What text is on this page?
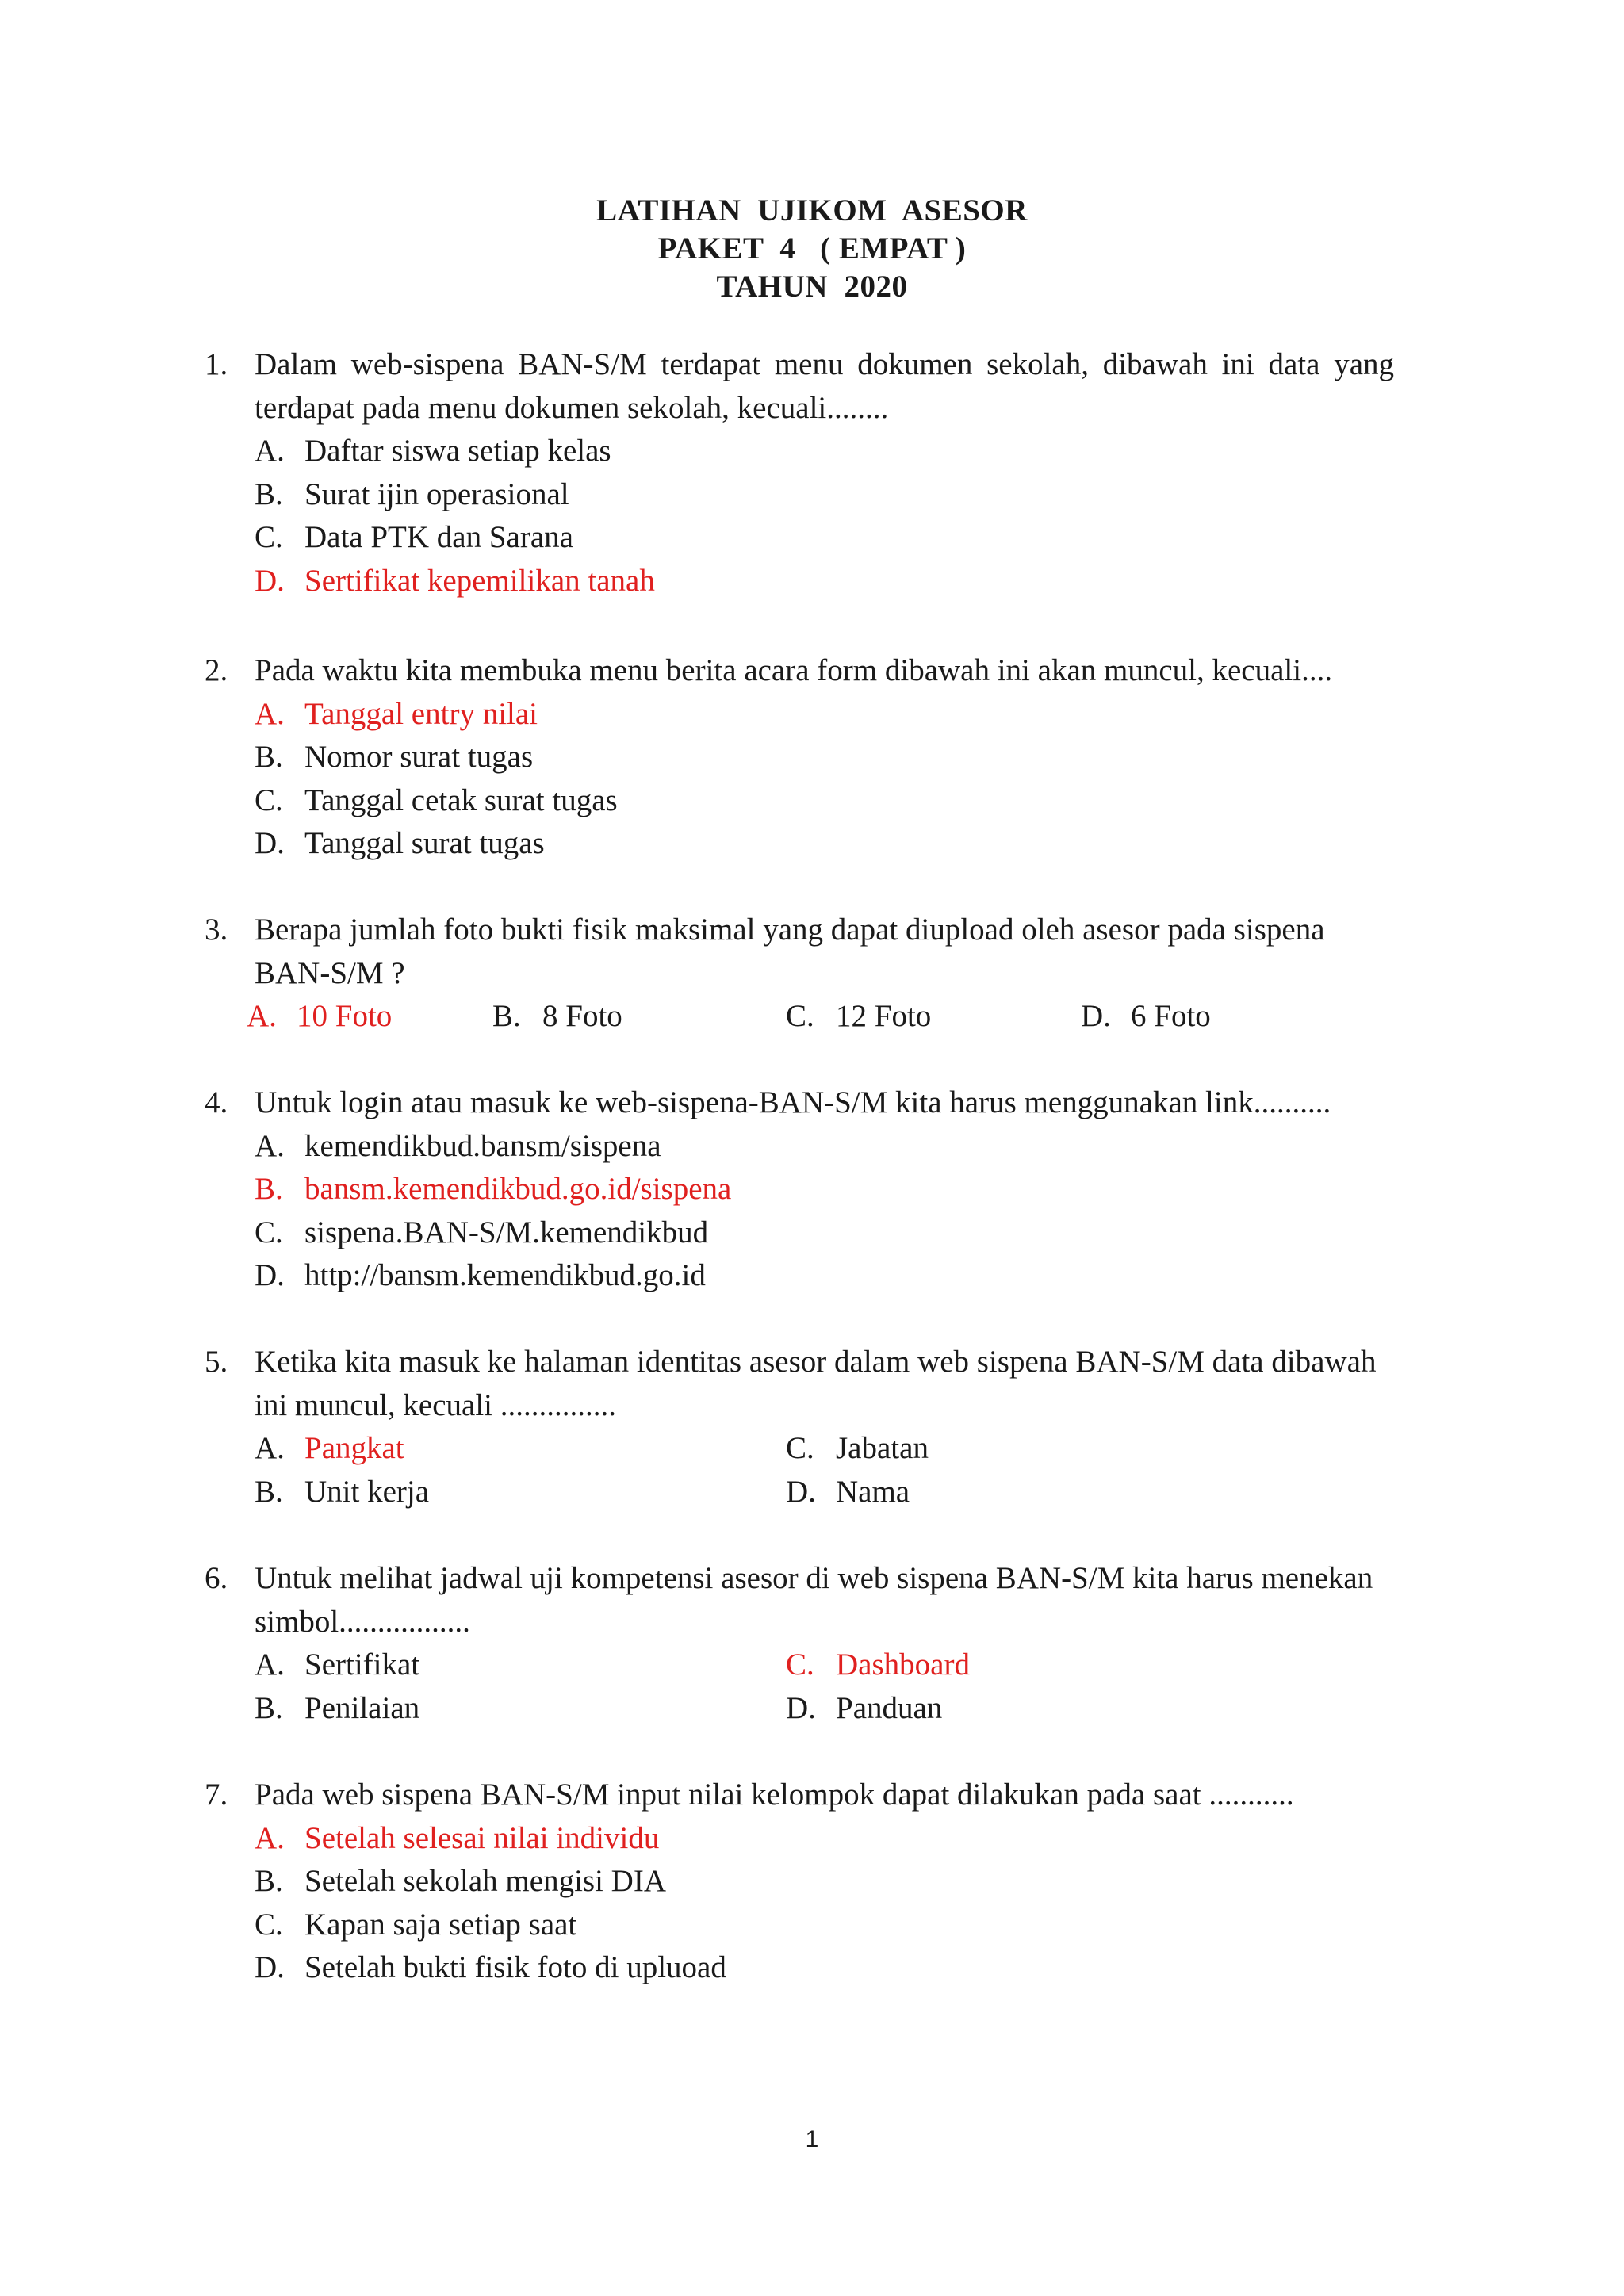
LATIHAN  UJIKOM  ASESOR
PAKET  4   ( EMPAT )
TAHUN  2020
1. Dalam web-sispena BAN-S/M terdapat menu dokumen sekolah, dibawah ini data yang terdapat pada menu dokumen sekolah, kecuali........
A. Daftar siswa setiap kelas
B. Surat ijin operasional
C. Data PTK dan Sarana
D. Sertifikat kepemilikan tanah
2. Pada waktu kita membuka menu berita acara form dibawah ini akan muncul, kecuali....
A. Tanggal entry nilai
B. Nomor surat tugas
C. Tanggal cetak surat tugas
D. Tanggal surat tugas
3. Berapa jumlah foto bukti fisik maksimal yang dapat diupload oleh asesor pada sispena BAN-S/M ?
A. 10 Foto	B. 8 Foto	C. 12 Foto	D. 6 Foto
4. Untuk login atau masuk ke web-sispena-BAN-S/M kita harus menggunakan link..........
A. kemendikbud.bansm/sispena
B. bansm.kemendikbud.go.id/sispena
C. sispena.BAN-S/M.kemendikbud
D. http://bansm.kemendikbud.go.id
5. Ketika kita masuk ke halaman identitas asesor dalam web sispena BAN-S/M data dibawah ini muncul, kecuali ...............
A. Pangkat	C. Jabatan
B. Unit kerja	D. Nama
6. Untuk melihat jadwal uji kompetensi asesor di web sispena BAN-S/M kita harus menekan simbol.................
A. Sertifikat	C. Dashboard
B. Penilaian	D. Panduan
7. Pada web sispena BAN-S/M input nilai kelompok dapat dilakukan pada saat ...........
A. Setelah selesai nilai individu
B. Setelah sekolah mengisi DIA
C. Kapan saja setiap saat
D. Setelah bukti fisik foto di upluoad
1
